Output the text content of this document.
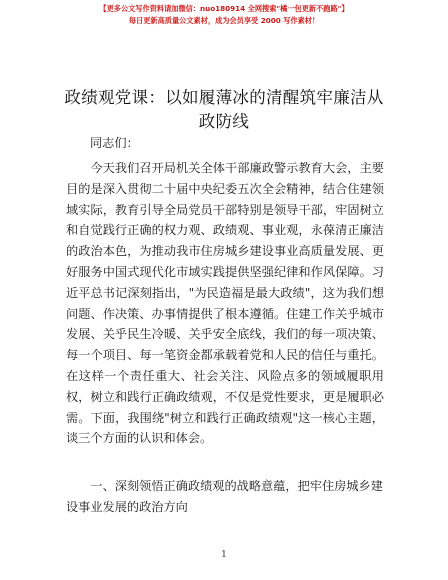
【更多公文写作资料请加微信：nuo180914 全网搜索"橘一包更新不跑路"】
每日更新高质量公文素材，成为会员享受 2000 写作素材！
政绩观党课：以如履薄冰的清醒筑牢廉洁从政防线
同志们：

今天我们召开局机关全体干部廉政警示教育大会，主要目的是深入贯彻二十届中央纪委五次全会精神，结合住建领域实际，教育引导全局党员干部特别是领导干部，牢固树立和自觉践行正确的权力观、政绩观、事业观，永葆清正廉洁的政治本色，为推动我市住房城乡建设事业高质量发展、更好服务中国式现代化市域实践提供坚强纪律和作风保障。习近平总书记深刻指出，"为民造福是最大政绩"，这为我们想问题、作决策、办事情提供了根本遵循。住建工作关乎城市发展、关乎民生冷暖、关乎安全底线，我们的每一项决策、每一个项目、每一笔资金都承载着党和人民的信任与重托。在这样一个责任重大、社会关注、风险点多的领域履职用权，树立和践行正确政绩观，不仅是党性要求，更是履职必需。下面，我围绕"树立和践行正确政绩观"这一核心主题，谈三个方面的认识和体会。

一、深刻领悟正确政绩观的战略意蕴，把牢住房城乡建设事业发展的政治方向

1
